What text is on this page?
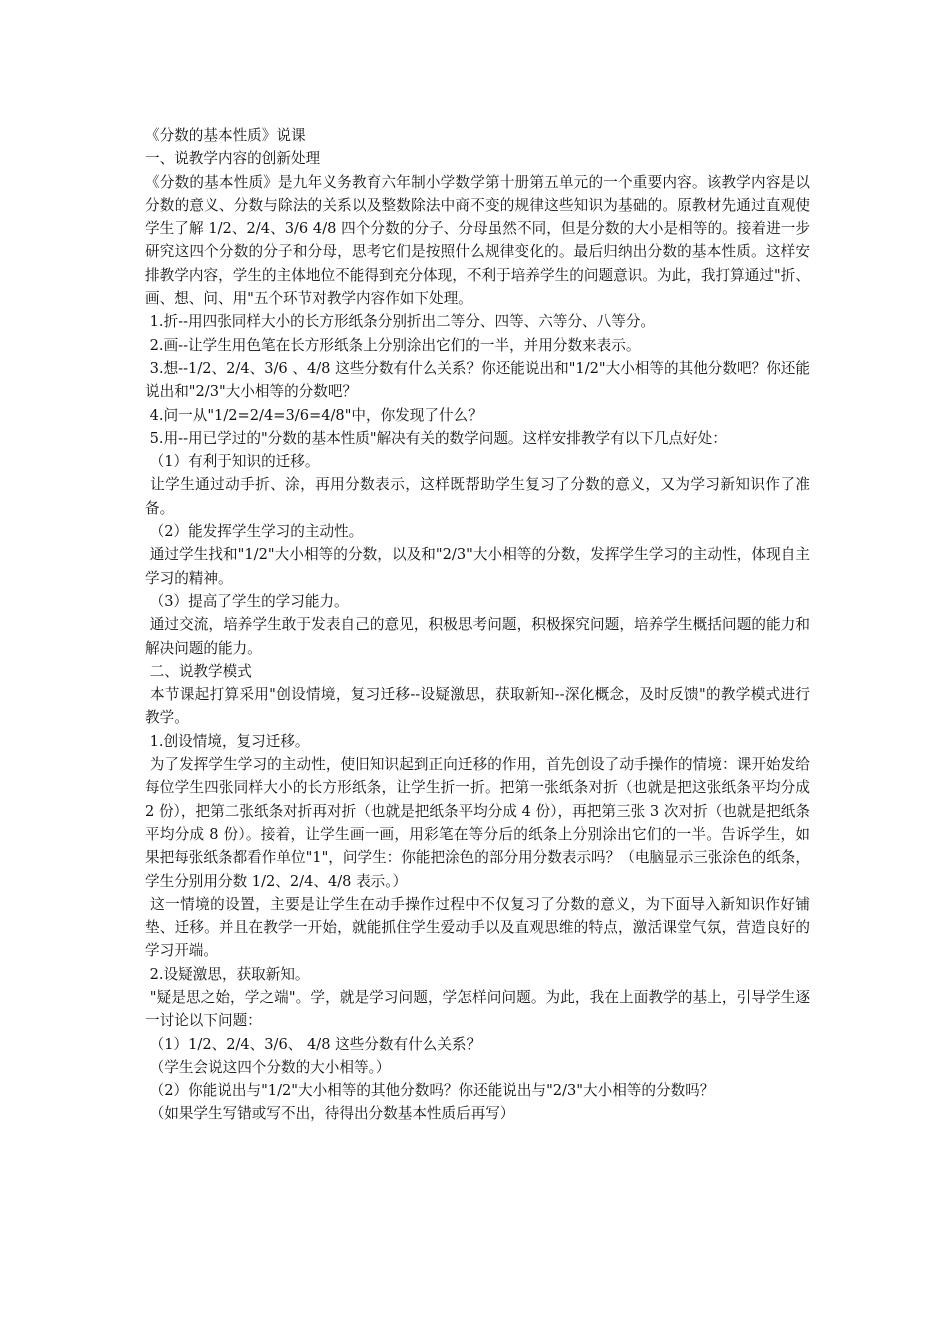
《分数的基本性质》说课

一、说教学内容的创新处理

《分数的基本性质》是九年义务教育六年制小学数学第十册第五单元的一个重要内容。该教学内容是以分数的意义、分数与除法的关系以及整数除法中商不变的规律这些知识为基础的。原教材先通过直观使学生了解 1/2、2/4、3/6 4/8 四个分数的分子、分母虽然不同，但是分数的大小是相等的。接着进一步研究这四个分数的分子和分母，思考它们是按照什么规律变化的。最后归纳出分数的基本性质。这样安排教学内容，学生的主体地位不能得到充分体现，不利于培养学生的问题意识。为此，我打算通过"折、画、想、问、用"五个环节对教学内容作如下处理。

1.折--用四张同样大小的长方形纸条分别折出二等分、四等、六等分、八等分。

2.画--让学生用色笔在长方形纸条上分别涂出它们的一半，并用分数来表示。

3.想--1/2、2/4、3/6 、4/8 这些分数有什么关系？你还能说出和"1/2"大小相等的其他分数吧？你还能说出和"2/3"大小相等的分数吧？

4.问一从"1/2=2/4=3/6=4/8"中，你发现了什么？

5.用--用已学过的"分数的基本性质"解决有关的数学问题。这样安排教学有以下几点好处：

（1）有利于知识的迁移。

让学生通过动手折、涂，再用分数表示，这样既帮助学生复习了分数的意义，又为学习新知识作了准备。

（2）能发挥学生学习的主动性。

通过学生找和"1/2"大小相等的分数，以及和"2/3"大小相等的分数，发挥学生学习的主动性，体现自主学习的精神。

（3）提高了学生的学习能力。

通过交流，培养学生敢于发表自己的意见，积极思考问题，积极探究问题，培养学生概括问题的能力和解决问题的能力。

二、说教学模式

本节课起打算采用"创设情境，复习迁移--设疑激思，获取新知--深化概念，及时反馈"的教学模式进行教学。

1.创设情境，复习迁移。

为了发挥学生学习的主动性，使旧知识起到正向迁移的作用，首先创设了动手操作的情境：课开始发给每位学生四张同样大小的长方形纸条，让学生折一折。把第一张纸条对折（也就是把这张纸条平均分成 2 份），把第二张纸条对折再对折（也就是把纸条平均分成 4 份），再把第三张 3 次对折（也就是把纸条平均分成 8 份）。接着，让学生画一画，用彩笔在等分后的纸条上分别涂出它们的一半。告诉学生，如果把每张纸条都看作单位"1"，问学生：你能把涂色的部分用分数表示吗？（电脑显示三张涂色的纸条，学生分别用分数 1/2、2/4、4/8 表示。）

这一情境的设置，主要是让学生在动手操作过程中不仅复习了分数的意义，为下面导入新知识作好铺垫、迁移。并且在教学一开始，就能抓住学生爱动手以及直观思维的特点，激活课堂气氛，营造良好的学习开端。

2.设疑激思，获取新知。

"疑是思之始，学之端"。学，就是学习问题，学怎样问问题。为此，我在上面教学的基上，引导学生逐一讨论以下问题：

（1）1/2、2/4、3/6、 4/8 这些分数有什么关系？

（学生会说这四个分数的大小相等。）

（2）你能说出与"1/2"大小相等的其他分数吗？你还能说出与"2/3"大小相等的分数吗？

（如果学生写错或写不出，待得出分数基本性质后再写）
